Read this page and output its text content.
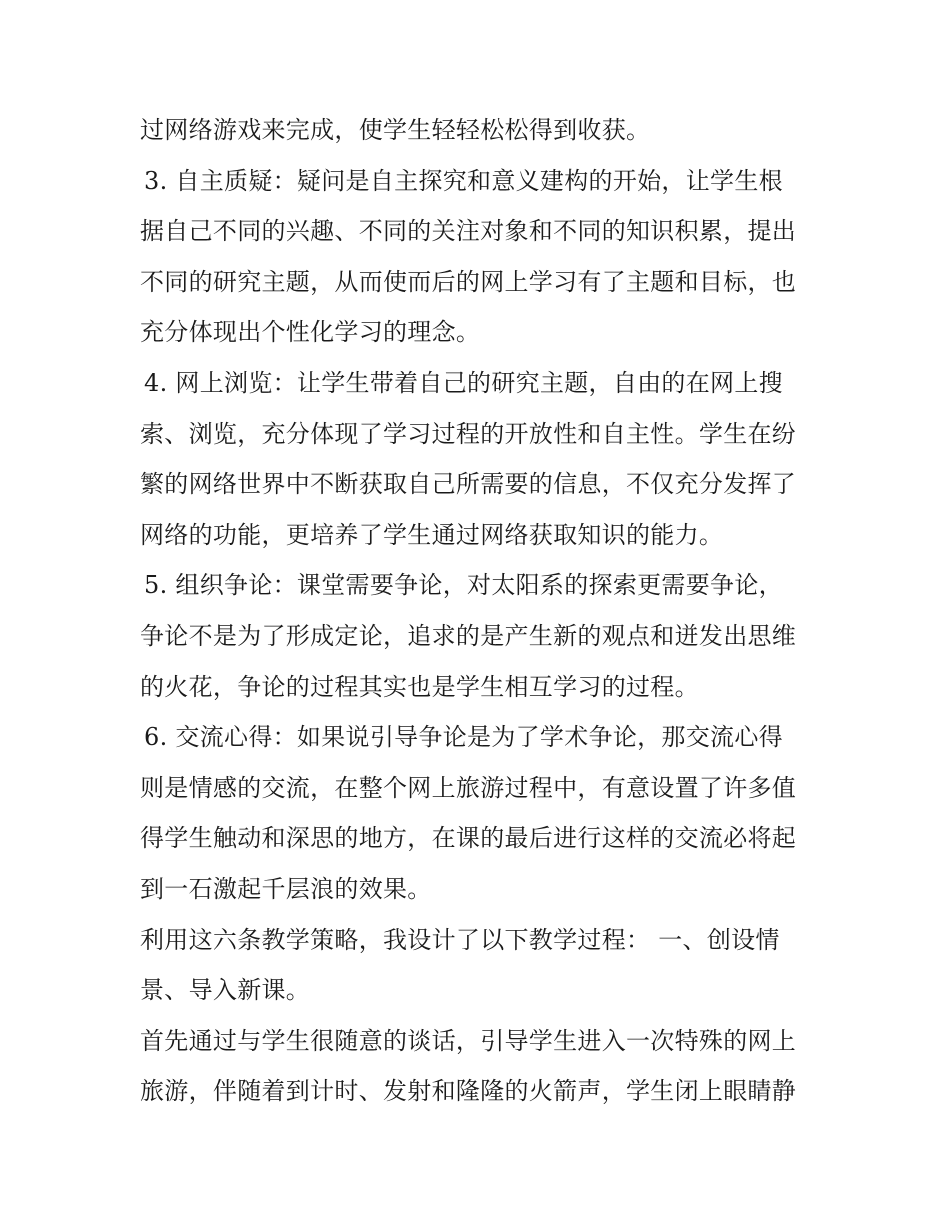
过网络游戏来完成，使学生轻轻松松得到收获。
3. 自主质疑：疑问是自主探究和意义建构的开始，让学生根
据自己不同的兴趣、不同的关注对象和不同的知识积累，提出
不同的研究主题，从而使而后的网上学习有了主题和目标，也
充分体现出个性化学习的理念。
4. 网上浏览：让学生带着自己的研究主题，自由的在网上搜
索、浏览，充分体现了学习过程的开放性和自主性。学生在纷
繁的网络世界中不断获取自己所需要的信息，不仅充分发挥了
网络的功能，更培养了学生通过网络获取知识的能力。
5. 组织争论：课堂需要争论，对太阳系的探索更需要争论，
争论不是为了形成定论，追求的是产生新的观点和迸发出思维
的火花，争论的过程其实也是学生相互学习的过程。
6. 交流心得：如果说引导争论是为了学术争论，那交流心得
则是情感的交流，在整个网上旅游过程中，有意设置了许多值
得学生触动和深思的地方，在课的最后进行这样的交流必将起
到一石激起千层浪的效果。
利用这六条教学策略，我设计了以下教学过程： 一、创设情
景、导入新课。
首先通过与学生很随意的谈话，引导学生进入一次特殊的网上
旅游，伴随着到计时、发射和隆隆的火箭声，学生闭上眼睛静
